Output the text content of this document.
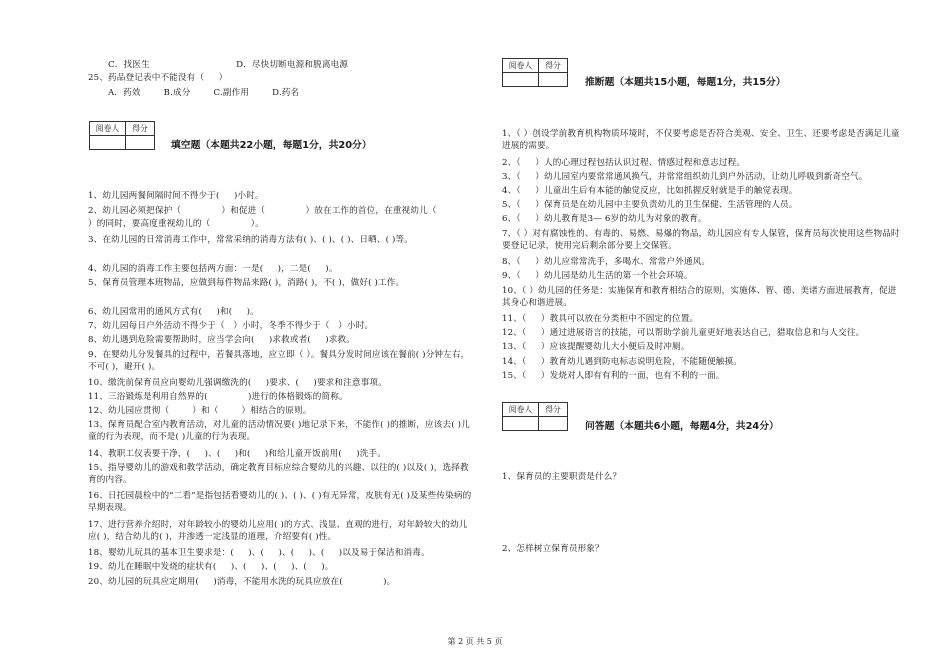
C．找医生                              D．尽快切断电源和脱离电源
25、药品登记表中不能没有（     ）
A．药效        B.成分        C.副作用        D.药名
阅卷人	得分

填空题（本题共22小题，每题1分，共20分）
1、幼儿园两餐间隔时间不得少于(     )小时。
2、幼儿园必须把保护（              ）和促进（              ）放在工作的首位，在重视幼儿（
）的同时，要高度重视幼儿的（              ）。
3、在幼儿园的日常消毒工作中，常常采纳的消毒方法有( )、( )、( )、日晒、( )等。
4、幼儿园的消毒工作主要包括两方面：一是(     )，二是(     )。
5、保育员管理本班物品，应做到每件物品来路( )，消路( )，不( )，做好( )工作。
6、幼儿园常用的通风方式有(     )和(     )。
7、幼儿园每日户外活动不得少于（   ）小时，冬季不得少于（   ）小时。
8、幼儿遇到危险需要帮助时，应当学会向(     )求救或者(     )求救。
9、在婴幼儿分发餐具的过程中，若餐具落地，应立即（ ）。餐具分发时间应该在餐前( )分钟左右，不可( )，避开( )。
10、缴洗前保育员应向婴幼儿强调缴洗的(     )要求、(     )要求和注意事项。
11、三浴锻炼是利用自然界的(              )进行的体格锻炼的简称。
12、幼儿园应贯彻（        ）和（        ）相结合的原则。
13、保育员配合室内教育活动，对儿童的活动情况要( )地记录下来，不能作( )的推断，应该去( )儿童的行为表现，而不是( )儿童的行为表现。
14、教职工仪表要干净，(     )、(     )和(     )和给儿童开饭前用(     )洗手。
15、指导婴幼儿的游戏和教学活动，确定教育目标应综合婴幼儿的兴趣、以往的( )以及( )，选择教育的内容。
16、日托园晨检中的“二看”是指包括看婴幼儿的( )、( )、( )有无异常，皮肤有无( )及某些传染病的早期表现。
17、进行营养介绍时，对年龄较小的婴幼儿应用( )的方式、浅显、直观的进行，对年龄较大的幼儿应( )，结合幼儿的( )，并渗透一定浅显的道理，介绍要有( )性。
18、婴幼儿玩具的基本卫生要求是：(     )、(     )、(     )、(     )以及易于保洁和消毒。
19、幼儿在睡眠中发烧的症状有(     )、(     )、(     )、(     )。
20、幼儿园的玩具应定期用(     )消毒，不能用水洗的玩具应放在(              )。
阅卷人	得分

推断题（本题共15小题，每题1分，共15分）
1、（ ）创设学前教育机构物质环境时，不仅要考虑是否符合美观、安全、卫生、还要考虑是否满足儿童进展的需要。
2、（     ）人的心理过程包括认识过程、情感过程和意志过程。
3、（     ）幼儿园室内要常常通风换气，并常常组织幼儿到户外活动，让幼儿呼吸到新奇空气。
4、（     ）儿童出生后有本能的触觉反应，比如抓握反射就是手的触觉表现。
5、（     ）保育员是在幼儿园中主要负责幼儿的卫生保健、生活管理的人员。
6、（     ）幼儿教育是3— 6岁的幼儿为对象的教育。
7、（ ）对有腐蚀性的、有毒的、易燃、易爆的物品，幼儿园应有专人保管，保育员每次使用这些物品时要登记记录，使用完后剩余部分要上交保管。
8、（     ）幼儿应常常洗手，多喝水、常常户外通风。
9、（     ）幼儿园是幼儿生活的第一个社会环境。
10、（ ）幼儿园的任务是：实施保育和教育相结合的原则，实施体、智、德、美诸方面进展教育，促进其身心和谐进展。
11、（     ）教具可以放在分类柜中不固定的位置。
12、（     ）通过进展语言的技能，可以帮助学前儿童更好地表达自己，猎取信息和与人交往。
13、（     ）应该提醒婴幼儿大小便后及时冲厕。
14、（     ）教育幼儿遇到防电标志说明危险，不能随便触摸。
15、（     ）发烧对人即有有利的一面，也有不利的一面。
阅卷人	得分

问答题（本题共6小题，每题4分，共24分）
1、保育员的主要职责是什么？
2、怎样树立保育员形象？
第 2 页 共 5 页
